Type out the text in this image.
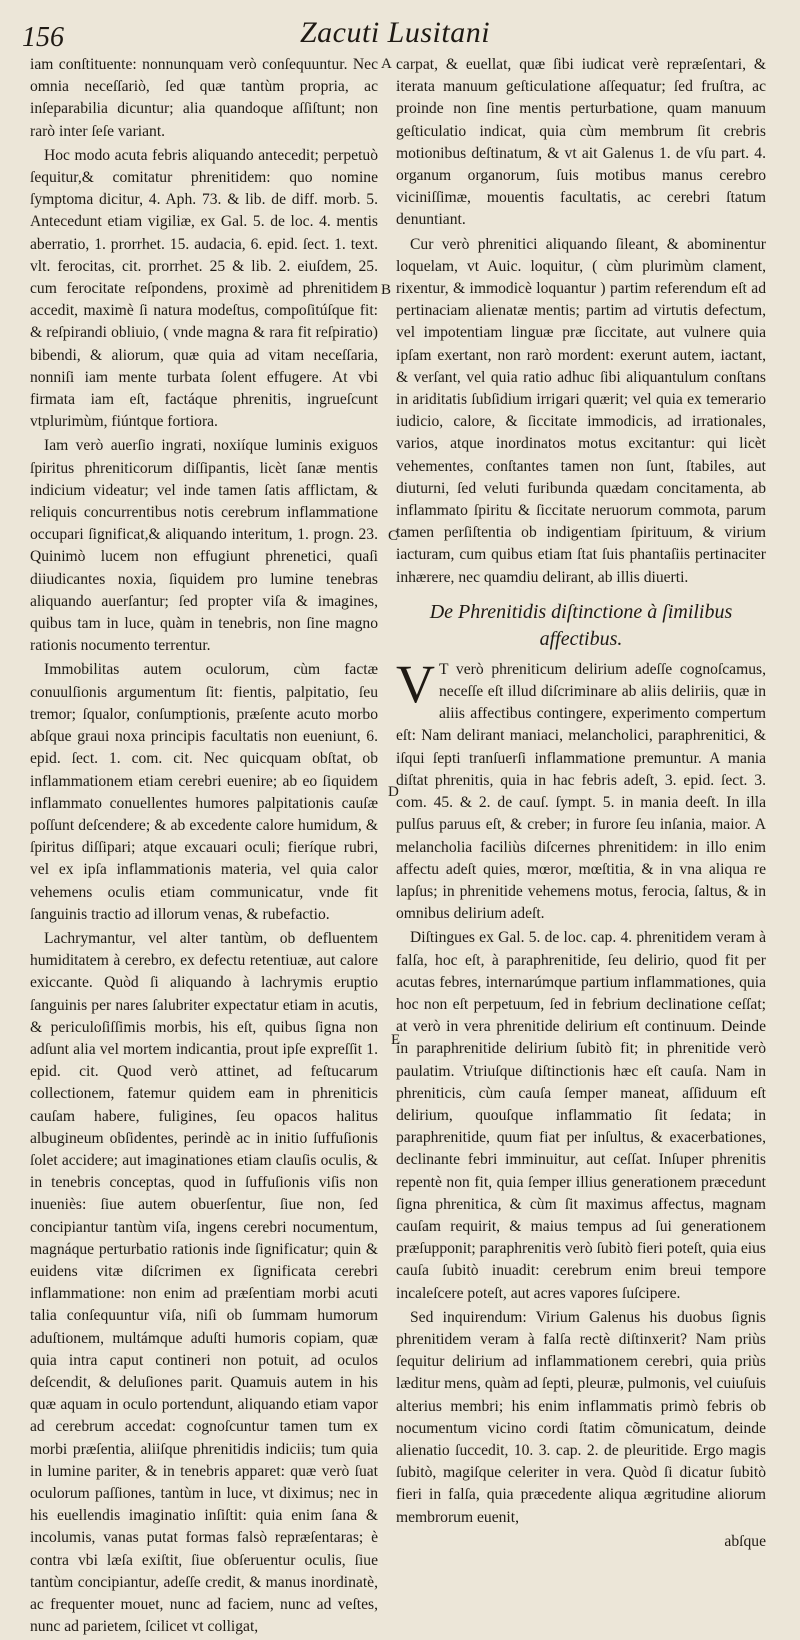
156	Zacuti Lusitani
A
B
C
D
E

iam conſtituente: nonnunquam verò conſequuntur. Nec omnia neceſſariò, ſed quæ tantùm propria, ac inſeparabilia dicuntur; alia quandoque aſſiſtunt; non rarò inter ſeſe variant.

Hoc modo acuta febris aliquando antecedit; perpetuò ſequitur,& comitatur phrenitidem: quo nomine ſymptoma dicitur, 4. Aph. 73. & lib. de diff. morb. 5. Antecedunt etiam vigiliæ, ex Gal. 5. de loc. 4. mentis aberratio, 1. prorrhet. 15. audacia, 6. epid. ſect. 1. text. vlt. ferocitas, cit. prorrhet. 25 & lib. 2. eiuſdem, 25. cum ferocitate reſpondens, proximè ad phrenitidem accedit, maximè ſi natura modeſtus, compoſitúſque fit: & reſpirandi obliuio, ( vnde magna & rara fit reſpiratio) bibendi, & aliorum, quæ quia ad vitam neceſſaria, nonniſi iam mente turbata ſolent effugere. At vbi firmata iam eſt, factáque phrenitis, ingrueſcunt vtplurimùm, fiúntque fortiora.

Iam verò auerſio ingrati, noxiíque luminis exiguos ſpiritus phreniticorum diſſipantis, licèt ſanæ mentis indicium videatur; vel inde tamen ſatis afflictam, & reliquis concurrentibus notis cerebrum inflammatione occupari ſignificat,& aliquando interitum, 1. progn. 23. Quinimò lucem non effugiunt phrenetici, quaſi diiudicantes noxia, ſiquidem pro lumine tenebras aliquando auerſantur; ſed propter viſa & imagines, quibus tam in luce, quàm in tenebris, non ſine magno rationis nocumento terrentur.

Immobilitas autem oculorum, cùm factæ conuulſionis argumentum ſit: fientis, palpitatio, ſeu tremor; ſqualor, conſumptionis, præſente acuto morbo abſque graui noxa principis facultatis non eueniunt, 6. epid. ſect. 1. com. cit. Nec quicquam obſtat, ob inflammationem etiam cerebri euenire; ab eo ſiquidem inflammato conuellentes humores palpitationis cauſæ poſſunt deſcendere; & ab excedente calore humidum, & ſpiritus diſſipari; atque excauari oculi; fieríque rubri, vel ex ipſa inflammationis materia, vel quia calor vehemens oculis etiam communicatur, vnde fit ſanguinis tractio ad illorum venas, & rubefactio.

Lachrymantur, vel alter tantùm, ob defluentem humiditatem à cerebro, ex defectu retentiuæ, aut calore exiccante. Quòd ſi aliquando à lachrymis eruptio ſanguinis per nares ſalubriter expectatur etiam in acutis, & periculoſiſſimis morbis, his eſt, quibus ſigna non adſunt alia vel mortem indicantia, prout ipſe expreſſit 1. epid. cit. Quod verò attinet, ad feſtucarum collectionem, fatemur quidem eam in phreniticis cauſam habere, fuligines, ſeu opacos halitus albugineum obſidentes, perindè ac in initio ſuffuſionis ſolet accidere; aut imaginationes etiam clauſis oculis, & in tenebris conceptas, quod in ſuffuſionis viſis non inueniès: ſiue autem obuerſentur, ſiue non, ſed concipiantur tantùm viſa, ingens cerebri nocumentum, magnáque perturbatio rationis inde ſignificatur; quin & euidens vitæ diſcrimen ex ſignificata cerebri inflammatione: non enim ad præſentiam morbi acuti talia conſequuntur viſa, niſi ob ſummam humorum aduſtionem, multámque aduſti humoris copiam, quæ quia intra caput contineri non potuit, ad oculos deſcendit, & deluſiones parit. Quamuis autem in his quæ aquam in oculo portendunt, aliquando etiam vapor ad cerebrum accedat: cognoſcuntur tamen tum ex morbi præſentia, aliiſque phrenitidis indiciis; tum quia in lumine pariter, & in tenebris apparet: quæ verò ſuat oculorum paſſiones, tantùm in luce, vt diximus; nec in his euellendis imaginatio inſiſtit: quia enim ſana & incolumis, vanas putat formas falsò repræſentaras; è contra vbi læſa exiſtit, ſiue obſeruentur oculis, ſiue tantùm concipiantur, adeſſe credit, & manus inordinatè, ac frequenter mouet, nunc ad faciem, nunc ad veſtes, nunc ad parietem, ſcilicet vt colligat,

carpat, & euellat, quæ ſibi iudicat verè repræſentari, & iterata manuum geſticulatione aſſequatur; ſed fruſtra, ac proinde non ſine mentis perturbatione, quam manuum geſticulatio indicat, quia cùm membrum ſit crebris motionibus deſtinatum, & vt ait Galenus 1. de vſu part. 4. organum organorum, ſuis motibus manus cerebro viciniſſimæ, mouentis facultatis, ac cerebri ſtatum denuntiant.

Cur verò phrenitici aliquando ſileant, & abominentur loquelam, vt Auic. loquitur, ( cùm plurimùm clament, rixentur, & immodicè loquantur ) partim referendum eſt ad pertinaciam alienatæ mentis; partim ad virtutis defectum, vel impotentiam linguæ præ ſiccitate, aut vulnere quia ipſam exertant, non rarò mordent: exerunt autem, iactant, & verſant, vel quia ratio adhuc ſibi aliquantulum conſtans in ariditatis ſubſidium irrigari quærit; vel quia ex temerario iudicio, calore, & ſiccitate immodicis, ad irrationales, varios, atque inordinatos motus excitantur: qui licèt vehementes, conſtantes tamen non ſunt, ſtabiles, aut diuturni, ſed veluti furibunda quædam concitamenta, ab inflammato ſpiritu & ſiccitate neruorum commota, parum tamen perſiſtentia ob indigentiam ſpirituum, & virium iacturam, cum quibus etiam ſtat ſuis phantaſiis pertinaciter inhærere, nec quamdiu delirant, ab illis diuerti.

De Phrenitidis diſtinctione à ſimilibus
affectibus.

V T verò phreniticum delirium adeſſe cognoſcamus, neceſſe eſt illud diſcriminare ab aliis deliriis, quæ in aliis affectibus contingere, experimento compertum eſt: Nam delirant maniaci, melancholici, paraphrenitici, & iſqui ſepti tranſuerſi inflammatione premuntur. A mania diſtat phrenitis, quia in hac febris adeſt, 3. epid. ſect. 3. com. 45. & 2. de cauſ. ſympt. 5. in mania deeſt. In illa pulſus paruus eſt, & creber; in furore ſeu inſania, maior. A melancholia faciliùs diſcernes phrenitidem: in illo enim affectu adeſt quies, mœror, mœſtitia, & in vna aliqua re lapſus; in phrenitide vehemens motus, ferocia, ſaltus, & in omnibus delirium adeſt.

Diſtingues ex Gal. 5. de loc. cap. 4. phrenitidem veram à falſa, hoc eſt, à paraphrenitide, ſeu delirio, quod fit per acutas febres, internarúmque partium inflammationes, quia hoc non eſt perpetuum, ſed in febrium declinatione ceſſat; at verò in vera phrenitide delirium eſt continuum. Deinde in paraphrenitide delirium ſubitò fit; in phrenitide verò paulatim. Vtriuſque diſtinctionis hæc eſt cauſa. Nam in phreniticis, cùm cauſa ſemper maneat, aſſiduum eſt delirium, quouſque inflammatio ſit ſedata; in paraphrenitide, quum fiat per inſultus, & exacerbationes, declinante febri imminuitur, aut ceſſat. Inſuper phrenitis repentè non fit, quia ſemper illius generationem præcedunt ſigna phrenitica, & cùm ſit maximus affectus, magnam cauſam requirit, & maius tempus ad ſui generationem præſupponit; paraphrenitis verò ſubitò fieri poteſt, quia eius cauſa ſubitò inuadit: cerebrum enim breui tempore incaleſcere poteſt, aut acres vapores ſuſcipere.

Sed inquirendum: Virium Galenus his duobus ſignis phrenitidem veram à falſa rectè diſtinxerit? Nam priùs ſequitur delirium ad inflammationem cerebri, quia priùs læditur mens, quàm ad ſepti, pleuræ, pulmonis, vel cuiuſuis alterius membri; his enim inflammatis primò febris ob nocumentum vicino cordi ſtatim cõmunicatum, deinde alienatio ſuccedit, 10. 3. cap. 2. de pleuritide. Ergo magis ſubitò, magiſque celeriter in vera. Quòd ſi dicatur ſubitò fieri in falſa, quia præcedente aliqua ægritudine aliorum membrorum euenit,

abſque
